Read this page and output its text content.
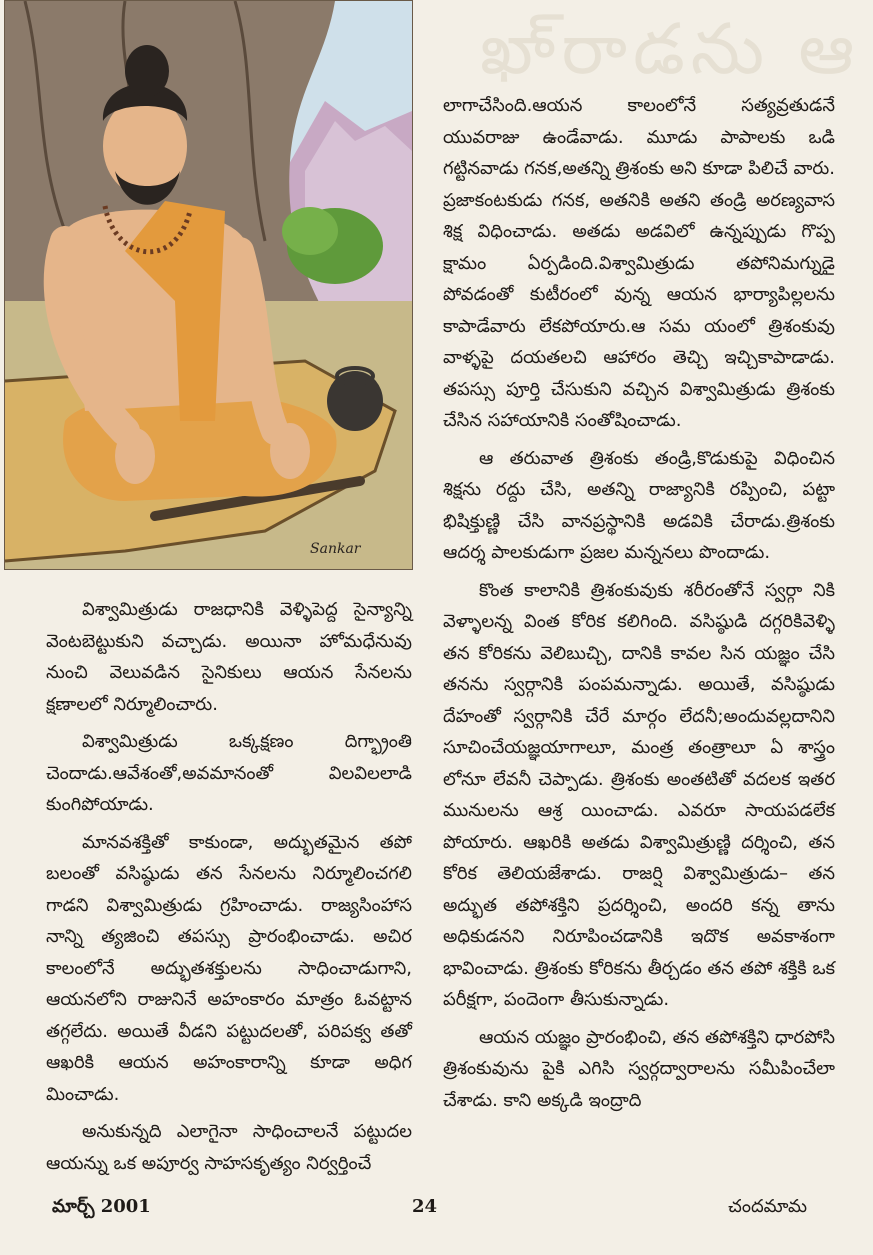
ఖా్రాడను ఆ
Sankar

విశ్వామిత్రుడు రాజధానికి వెళ్ళిపెద్ద సైన్యాన్ని వెంటబెట్టుకుని వచ్చాడు. అయినా హోమధేనువు నుంచి వెలువడిన సైనికులు ఆయన సేనలను క్షణాలలో నిర్మూలించారు.

విశ్వామిత్రుడు ఒక్కక్షణం దిగ్భ్రాంతి చెందాడు.ఆవేశంతో,అవమానంతో విలవిలలాడి కుంగిపోయాడు.

మానవశక్తితో కాకుండా, అద్భుతమైన తపో బలంతో వసిష్ఠుడు తన సేనలను నిర్మూలించగలి గాడని విశ్వామిత్రుడు గ్రహించాడు. రాజ్యసింహాస నాన్ని త్యజించి తపస్సు ప్రారంభించాడు. అచిర కాలంలోనే అద్భుతశక్తులను సాధించాడుగాని, ఆయనలోని రాజునినే అహంకారం మాత్రం ఓవట్టాన తగ్గలేదు. అయితే వీడని పట్టుదలతో, పరిపక్వ తతో ఆఖరికి ఆయన అహంకారాన్ని కూడా అధిగ మించాడు.

అనుకున్నది ఎలాగైనా సాధించాలనే పట్టుదల ఆయన్ను ఒక అపూర్వ సాహసకృత్యం నిర్వర్తించే

లాగాచేసింది.ఆయన కాలంలోనే సత్యవ్రతుడనే యువరాజు ఉండేవాడు. మూడు పాపాలకు ఒడి గట్టినవాడు గనక,అతన్ని త్రిశంకు అని కూడా పిలిచే వారు. ప్రజాకంటకుడు గనక, అతనికి అతని తండ్రి అరణ్యవాస శిక్ష విధించాడు. అతడు అడవిలో ఉన్నప్పుడు గొప్ప క్షామం ఏర్పడింది.విశ్వామిత్రుడు తపోనిమగ్నుడై పోవడంతో కుటీరంలో వున్న ఆయన భార్యాపిల్లలను కాపాడేవారు లేకపోయారు.ఆ సమ యంలో త్రిశంకువు వాళ్ళపై దయతలచి ఆహారం తెచ్చి ఇచ్చికాపాడాడు. తపస్సు పూర్తి చేసుకుని వచ్చిన విశ్వామిత్రుడు త్రిశంకు చేసిన సహాయానికి సంతోషించాడు.

ఆ తరువాత త్రిశంకు తండ్రి,కొడుకుపై విధించిన శిక్షను రద్దు చేసి, అతన్ని రాజ్యానికి రప్పించి, పట్టా భిషిక్తుణ్ణి చేసి వానప్రస్థానికి అడవికి చేరాడు.త్రిశంకు ఆదర్శ పాలకుడుగా ప్రజల మన్ననలు పొందాడు.

కొంత కాలానికి త్రిశంకువుకు శరీరంతోనే స్వర్గా నికి వెళ్ళాలన్న వింత కోరిక కలిగింది. వసిష్ఠుడి దగ్గరికివెళ్ళి తన కోరికను వెలిబుచ్చి, దానికి కావల సిన యజ్ఞం చేసి తనను స్వర్గానికి పంపమన్నాడు. అయితే, వసిష్ఠుడు దేహంతో స్వర్గానికి చేరే మార్గం లేదనీ;అందువల్లదానిని సూచించేయజ్ఞయాగాలూ, మంత్ర తంత్రాలూ ఏ శాస్త్రం లోనూ లేవనీ చెప్పాడు. త్రిశంకు అంతటితో వదలక ఇతర మునులను ఆశ్ర యించాడు. ఎవరూ సాయపడలేక పోయారు. ఆఖరికి అతడు విశ్వామిత్రుణ్ణి దర్శించి, తన కోరిక తెలియజేశాడు. రాజర్షి విశ్వామిత్రుడు– తన అద్భుత తపోశక్తిని ప్రదర్శించి, అందరి కన్న తాను అధికుడనని నిరూపించడానికి ఇదొక అవకాశంగా భావించాడు. త్రిశంకు కోరికను తీర్చడం తన తపో శక్తికి ఒక పరీక్షగా, పందెంగా తీసుకున్నాడు.

ఆయన యజ్ఞం ప్రారంభించి, తన తపోశక్తిని ధారపోసి త్రిశంకువును పైకి ఎగిసి స్వర్గద్వారాలను సమీపించేలా చేశాడు. కాని అక్కడి ఇంద్రాది

మార్చ్ 2001	24	చందమామ
